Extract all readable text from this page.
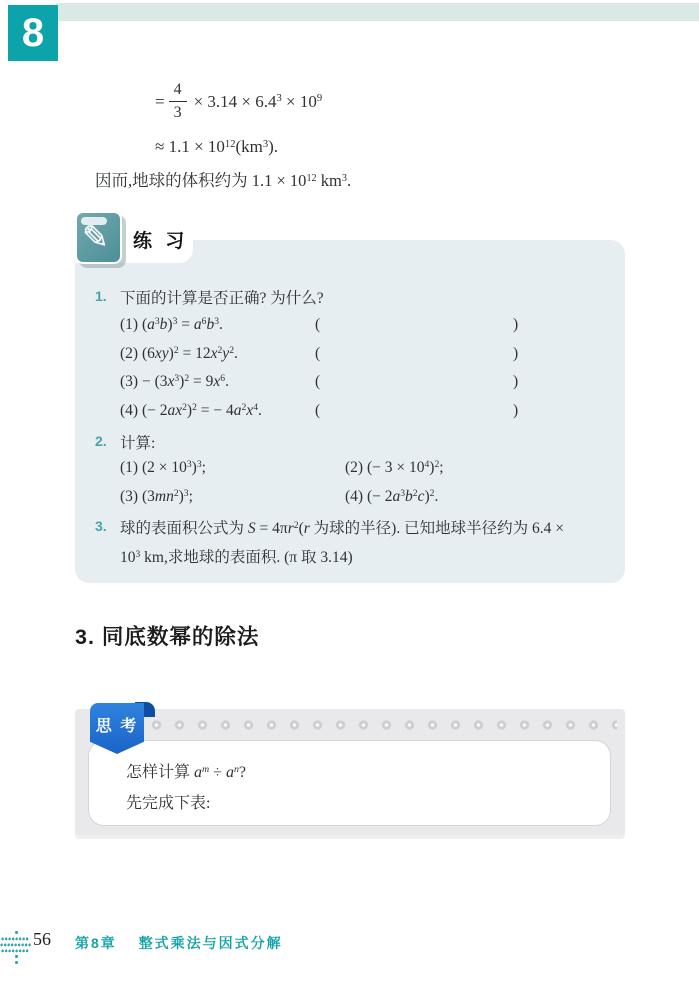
8
= $\frac{4}{3} \times 3.14 \times 6.4^3 \times 10^9$
≈ $1.1 \times 10^{12}(km^3)$.
因而,地球的体积约为 $1.1 \times 10^{12}$ $km^3$.
✎ 练 习
1. 下面的计算是否正确? 为什么?
(1) $(a^3b)^3 = a^6b^3$.	(	)
(2) $(6xy)^2 = 12x^2y^2$.	(	)
$(3) - (3x^3)^2 = 9x^6$.	(	)
(4) (− $2ax^2)^2$ = − $4a^2x^4$.	(	)
2. 计算:
(1) $(2 \times 10^3)^3$;	(2) (− $3 \times 10^4)^2$;
(3) $(3mn^2)^3$;	(4) (− $2a^3b^2c)^2$.
3. 球的表面积公式为 $S = 4\pi r^2(r$ 为球的半径). 已知地球半径约为 6.4 ×
$10^3$ km,求地球的表面积. (π 取 3.14)
3. 同底数幂的除法
怎样计算 $a^m \div a^n$?
先完成下表:
思 考
56 第8章 整式乘法与因式分解
